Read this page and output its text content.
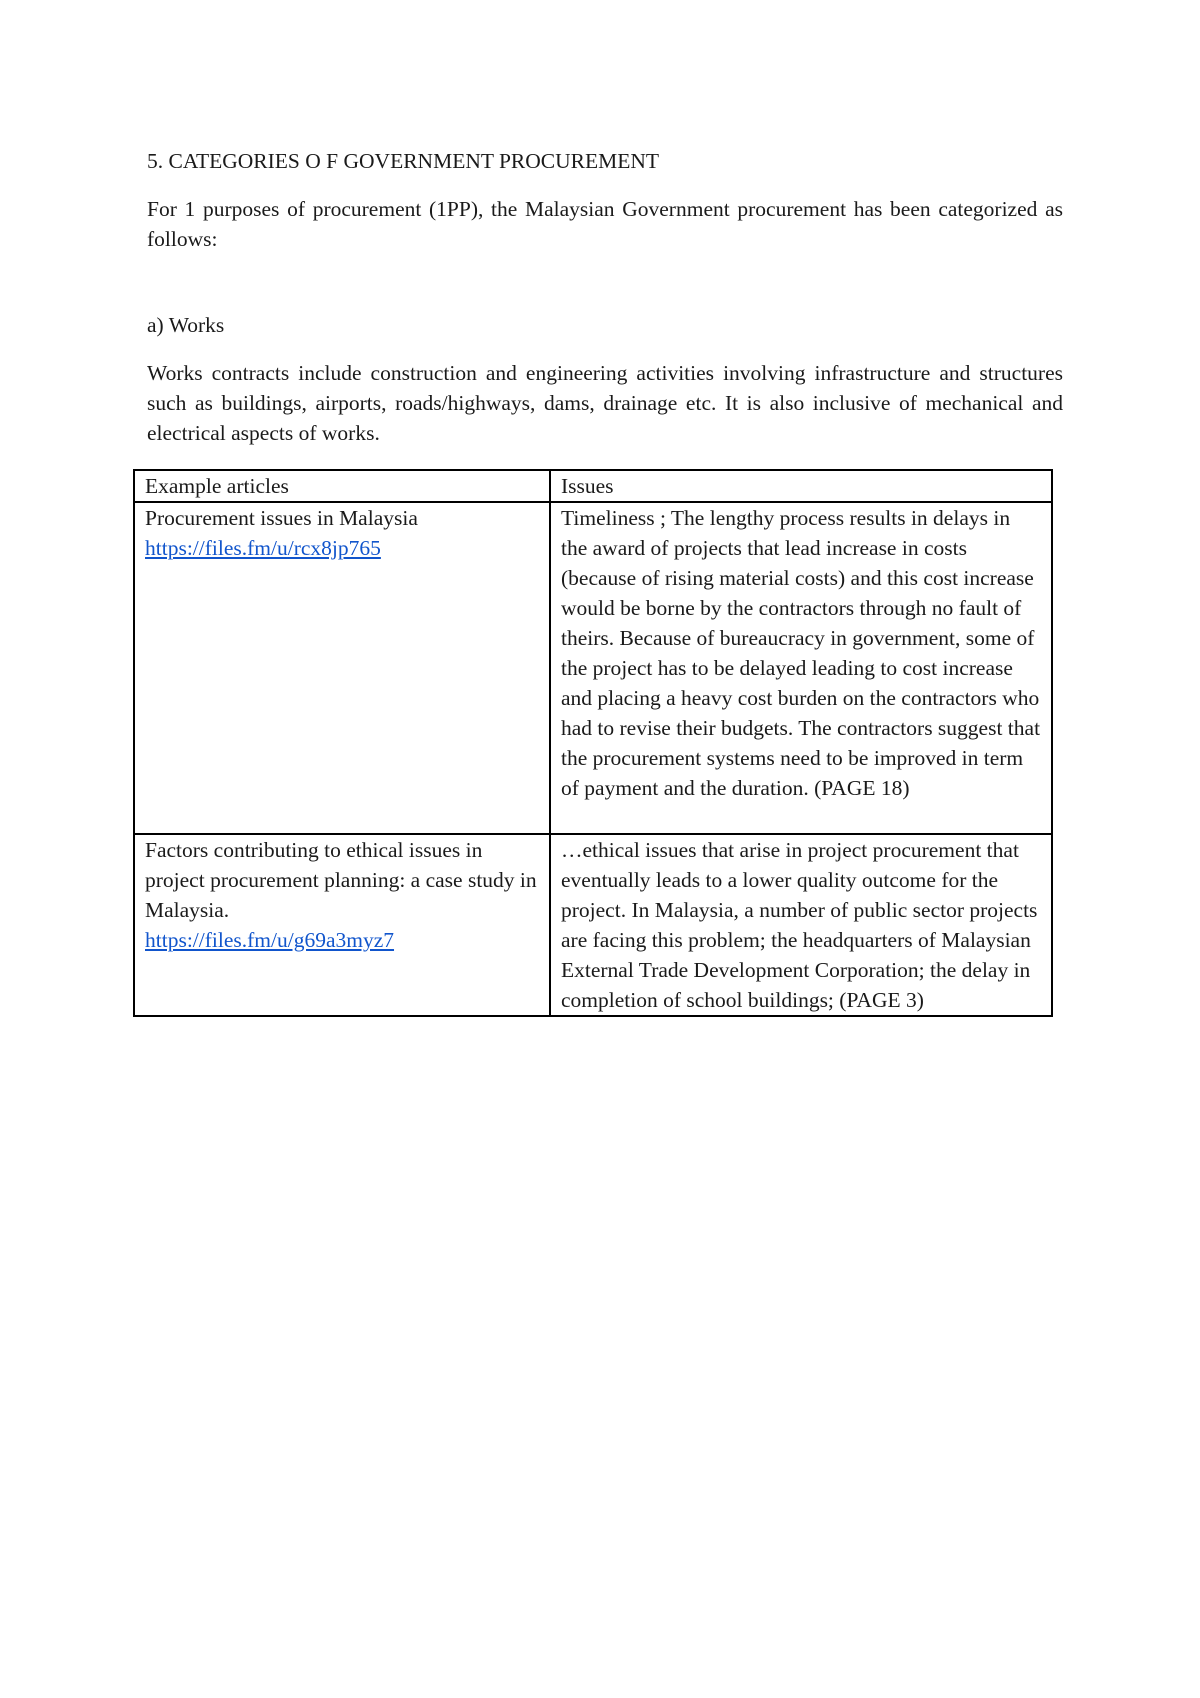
5. CATEGORIES O F GOVERNMENT PROCUREMENT

For 1 purposes of procurement (1PP), the Malaysian Government procurement has been categorized as follows:

a) Works

Works contracts include construction and engineering activities involving infrastructure and structures such as buildings, airports, roads/highways, dams, drainage etc. It is also inclusive of mechanical and electrical aspects of works.

Example articles	Issues

Procurement issues in Malaysia
https://files.fm/u/rcx8jp765	Timeliness ; The lengthy process results in delays in the award of projects that lead increase in costs (because of rising material costs) and this cost increase would be borne by the contractors through no fault of theirs. Because of bureaucracy in government, some of the project has to be delayed leading to cost increase and placing a heavy cost burden on the contractors who had to revise their budgets. The contractors suggest that the procurement systems need to be improved in term of payment and the duration. (PAGE 18)

Factors contributing to ethical issues in project procurement planning: a case study in Malaysia.
https://files.fm/u/g69a3myz7	…ethical issues that arise in project procurement that eventually leads to a lower quality outcome for the project. In Malaysia, a number of public sector projects are facing this problem; the headquarters of Malaysian External Trade Development Corporation; the delay in completion of school buildings; (PAGE 3)
